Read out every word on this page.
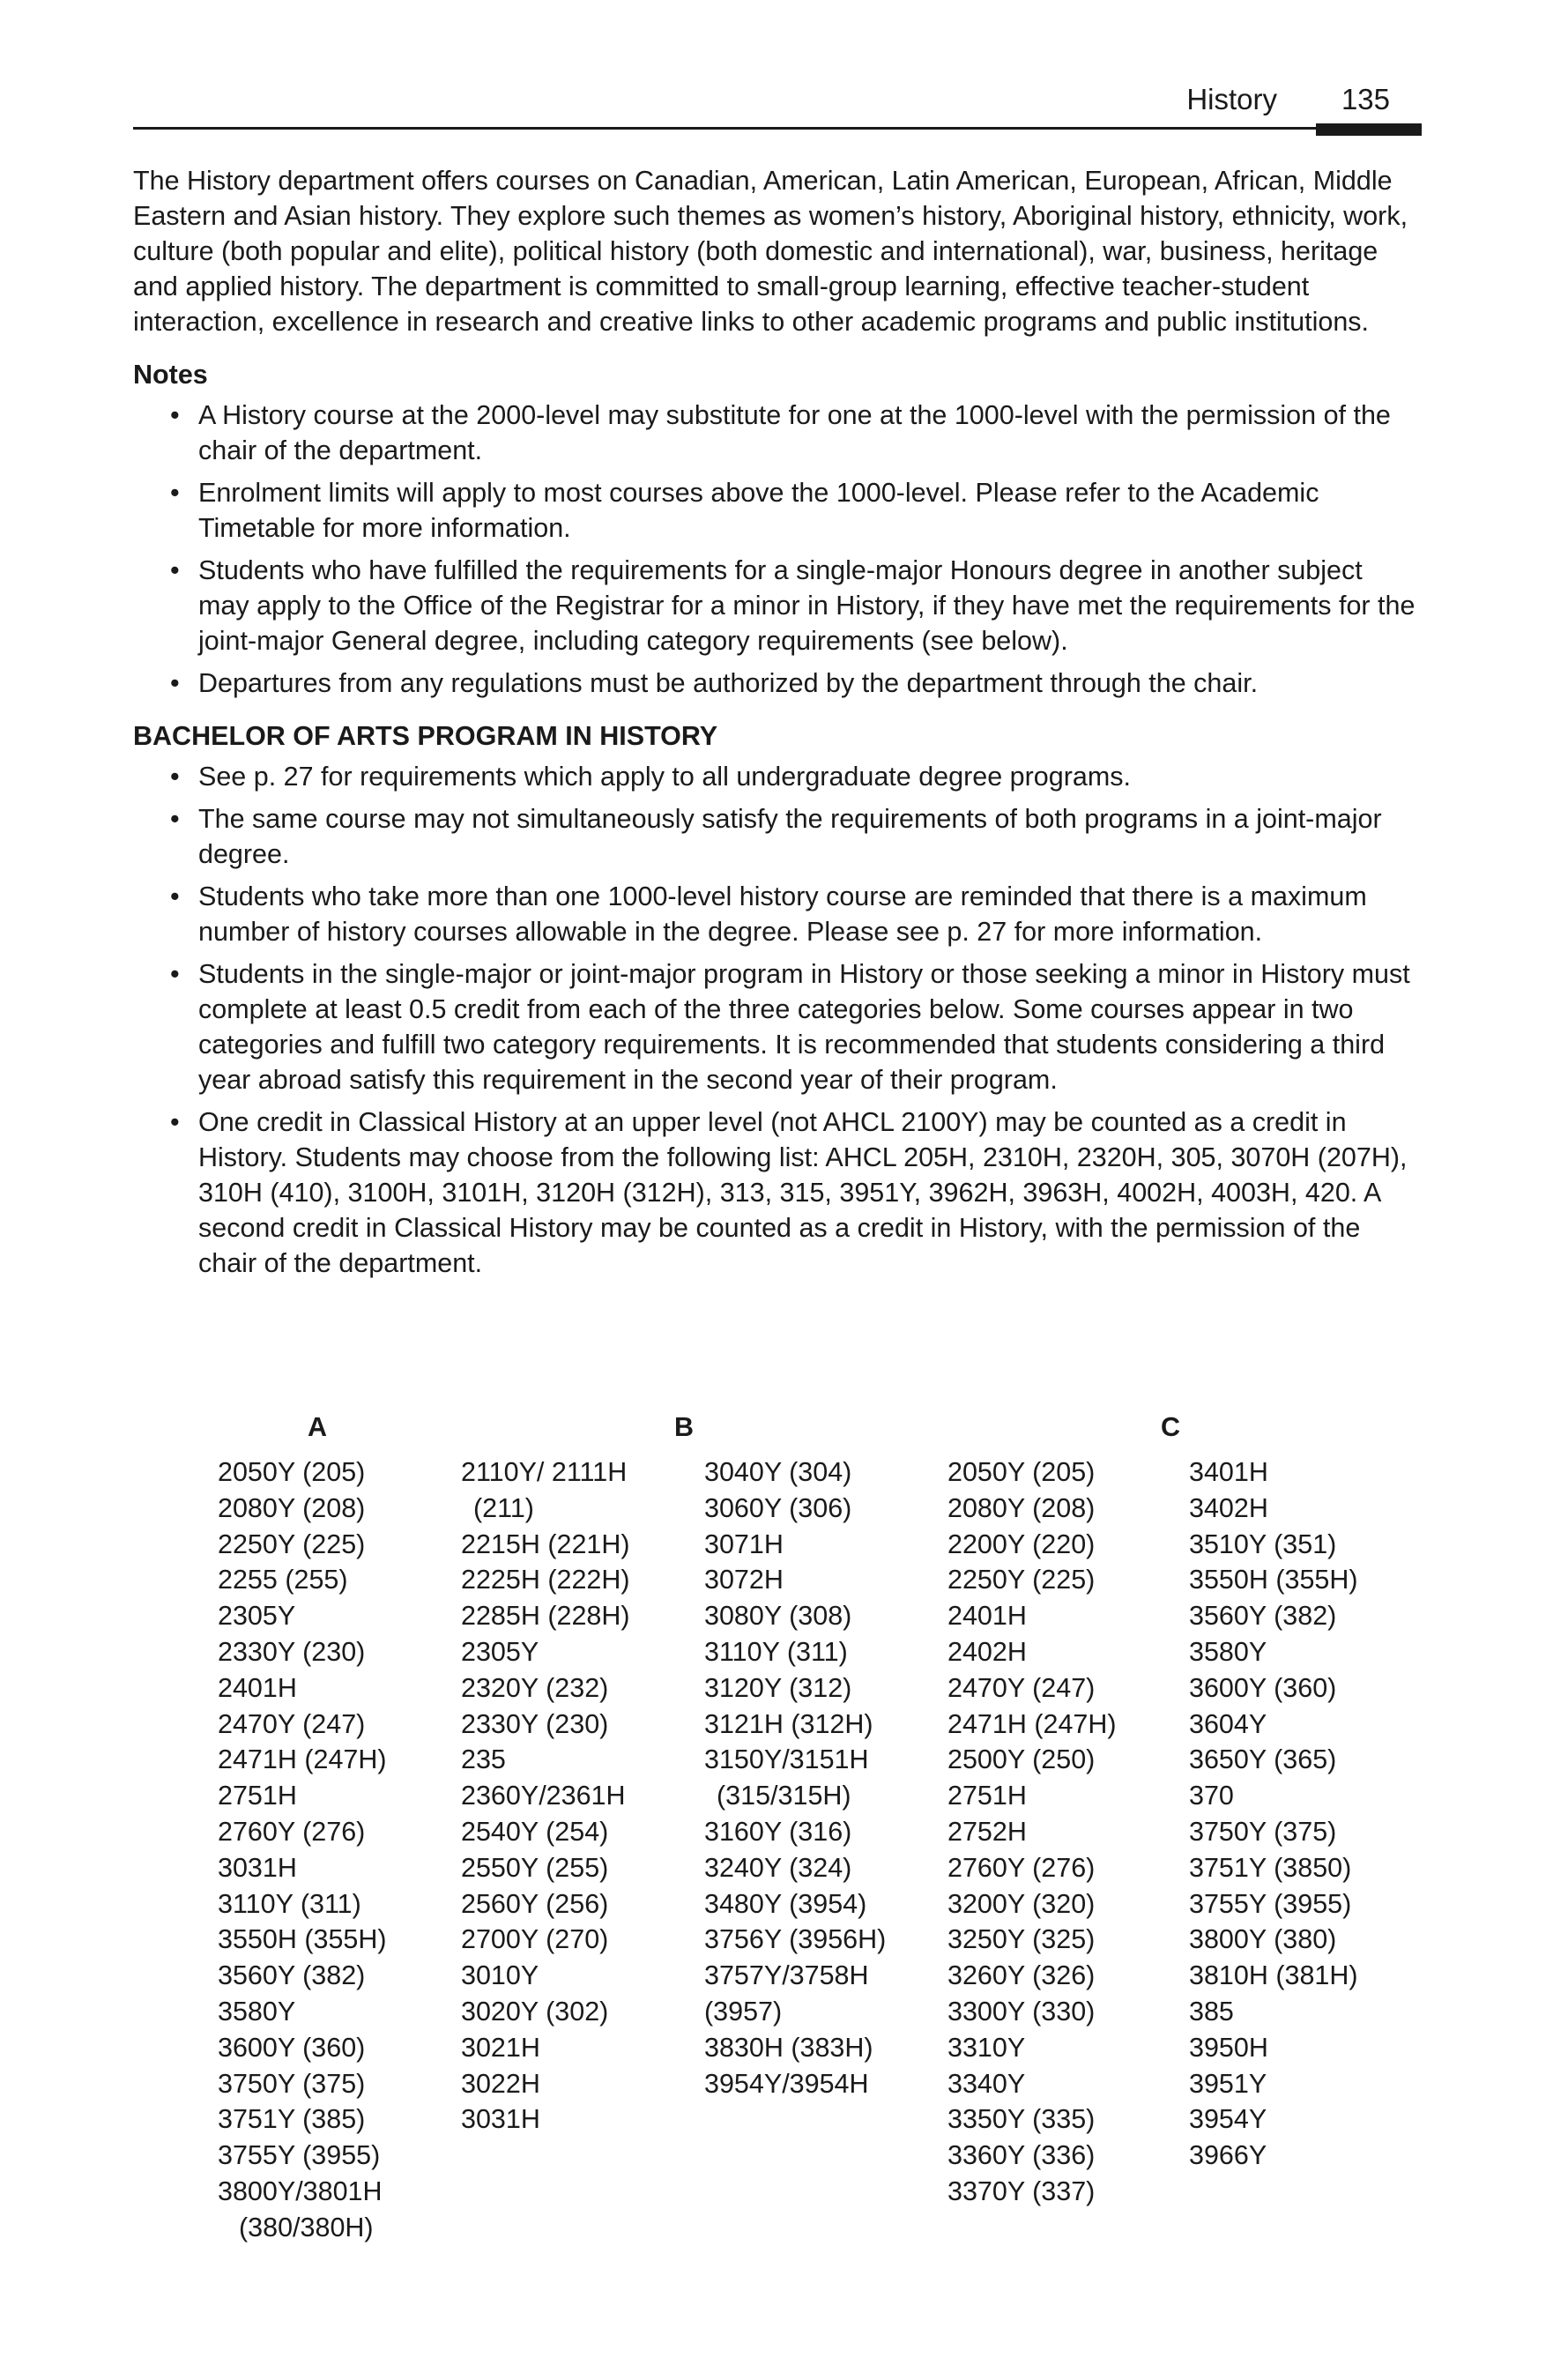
History 135

The History department offers courses on Canadian, American, Latin American, European, African, Middle Eastern and Asian history. They explore such themes as women’s history, Aboriginal history, ethnicity, work, culture (both popular and elite), political history (both domestic and international), war, business, heritage and applied history. The department is committed to small-group learning, effective teacher-student interaction, excellence in research and creative links to other academic programs and public institutions.

Notes
• A History course at the 2000-level may substitute for one at the 1000-level with the permission of the chair of the department.
• Enrolment limits will apply to most courses above the 1000-level. Please refer to the Academic Timetable for more information.
• Students who have fulfilled the requirements for a single-major Honours degree in another subject may apply to the Office of the Registrar for a minor in History, if they have met the requirements for the joint-major General degree, including category requirements (see below).
• Departures from any regulations must be authorized by the department through the chair.
BACHELOR OF ARTS PROGRAM IN HISTORY
• See p. 27 for requirements which apply to all undergraduate degree programs.
• The same course may not simultaneously satisfy the requirements of both programs in a joint-major degree.
• Students who take more than one 1000-level history course are reminded that there is a maximum number of history courses allowable in the degree. Please see p. 27 for more information.
• Students in the single-major or joint-major program in History or those seeking a minor in History must complete at least 0.5 credit from each of the three categories below. Some courses appear in two categories and fulfill two category requirements. It is recommended that students considering a third year abroad satisfy this requirement in the second year of their program.
• One credit in Classical History at an upper level (not AHCL 2100Y) may be counted as a credit in History. Students may choose from the following list: AHCL 205H, 2310H, 2320H, 305, 3070H (207H), 310H (410), 3100H, 3101H, 3120H (312H), 313, 315, 3951Y, 3962H, 3963H, 4002H, 4003H, 420. A second credit in Classical History may be counted as a credit in History, with the permission of the chair of the department.
A	B	C
2050Y (205)
2080Y (208)
2250Y (225)
2255 (255)
2305Y
2330Y (230)
2401H
2470Y (247)
2471H (247H)
2751H
2760Y (276)
3031H
3110Y (311)
3550H (355H)
3560Y (382)
3580Y
3600Y (360)
3750Y (375)
3751Y (385)
3755Y (3955)
3800Y/3801H
(380/380H)
2110Y/ 2111H
(211)
2215H (221H)
2225H (222H)
2285H (228H)
2305Y
2320Y (232)
2330Y (230)
235
2360Y/2361H
2540Y (254)
2550Y (255)
2560Y (256)
2700Y (270)
3010Y
3020Y (302)
3021H
3022H
3031H
3040Y (304)
3060Y (306)
3071H
3072H
3080Y (308)
3110Y (311)
3120Y (312)
3121H (312H)
3150Y/3151H
(315/315H)
3160Y (316)
3240Y (324)
3480Y (3954)
3756Y (3956H)
3757Y/3758H
(3957)
3830H (383H)
3954Y/3954H
2050Y (205)
2080Y (208)
2200Y (220)
2250Y (225)
2401H
2402H
2470Y (247)
2471H (247H)
2500Y (250)
2751H
2752H
2760Y (276)
3200Y (320)
3250Y (325)
3260Y (326)
3300Y (330)
3310Y
3340Y
3350Y (335)
3360Y (336)
3370Y (337)
3401H
3402H
3510Y (351)
3550H (355H)
3560Y (382)
3580Y
3600Y (360)
3604Y
3650Y (365)
370
3750Y (375)
3751Y (3850)
3755Y (3955)
3800Y (380)
3810H (381H)
385
3950H
3951Y
3954Y
3966Y
